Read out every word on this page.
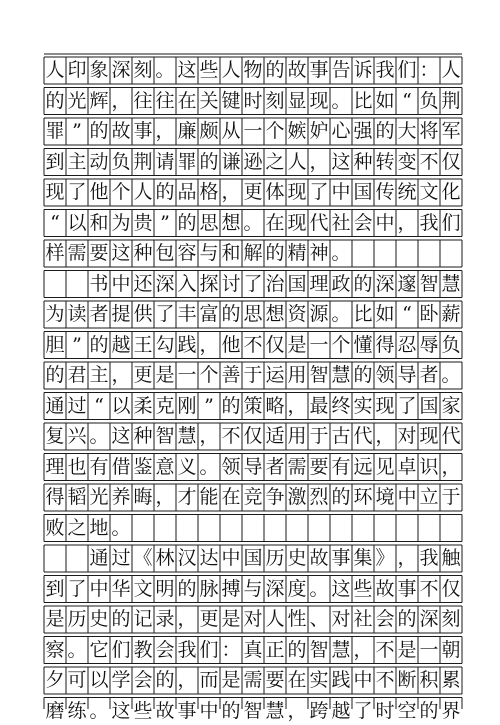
人 印 象 深 刻 。 这 些 人 物 的 故 事 告 诉 我 们 ： 人
的 光 辉 ， 往 往 在 关 键 时 刻 显 现 。 比 如 “ 负 荆
罪 ” 的 故 事 ， 廉 颇 从 一 个 嫉 妒 心 强 的 大 将 军
到 主 动 负 荆 请 罪 的 谦 逊 之 人 ， 这 种 转 变 不 仅
现 了 他 个 人 的 品 格 ， 更 体 现 了 中 国 传 统 文 化
“ 以 和 为 贵 ” 的 思 想 。 在 现 代 社 会 中 ， 我 们
样 需 要 这 种 包 容 与 和 解 的 精 神 。
书 中 还 深 入 探 讨 了 治 国 理 政 的 深 邃 智 慧
为 读 者 提 供 了 丰 富 的 思 想 资 源 。 比 如 “ 卧 薪
胆 ” 的 越 王 勾 践 ， 他 不 仅 是 一 个 懂 得 忍 辱 负
的 君 主 ， 更 是 一 个 善 于 运 用 智 慧 的 领 导 者 。
通 过 “ 以 柔 克 刚 ” 的 策 略 ， 最 终 实 现 了 国 家
复 兴 。 这 种 智 慧 ， 不 仅 适 用 于 古 代 ， 对 现 代
理 也 有 借 鉴 意 义 。 领 导 者 需 要 有 远 见 卓 识 ，
得 韬 光 养 晦 ， 才 能 在 竞 争 激 烈 的 环 境 中 立 于
败 之 地 。
通 过 《 林 汉 达 中 国 历 史 故 事 集 》 ， 我 触
到 了 中 华 文 明 的 脉 搏 与 深 度 。 这 些 故 事 不 仅
是 历 史 的 记 录 ， 更 是 对 人 性 、 对 社 会 的 深 刻
察 。 它 们 教 会 我 们 ： 真 正 的 智 慧 ， 不 是 一 朝
夕 可 以 学 会 的 ， 而 是 需 要 在 实 践 中 不 断 积 累
磨 练 。 这 些 故 事 中 的 智 慧 ， 跨 越 了 时 空 的 界
